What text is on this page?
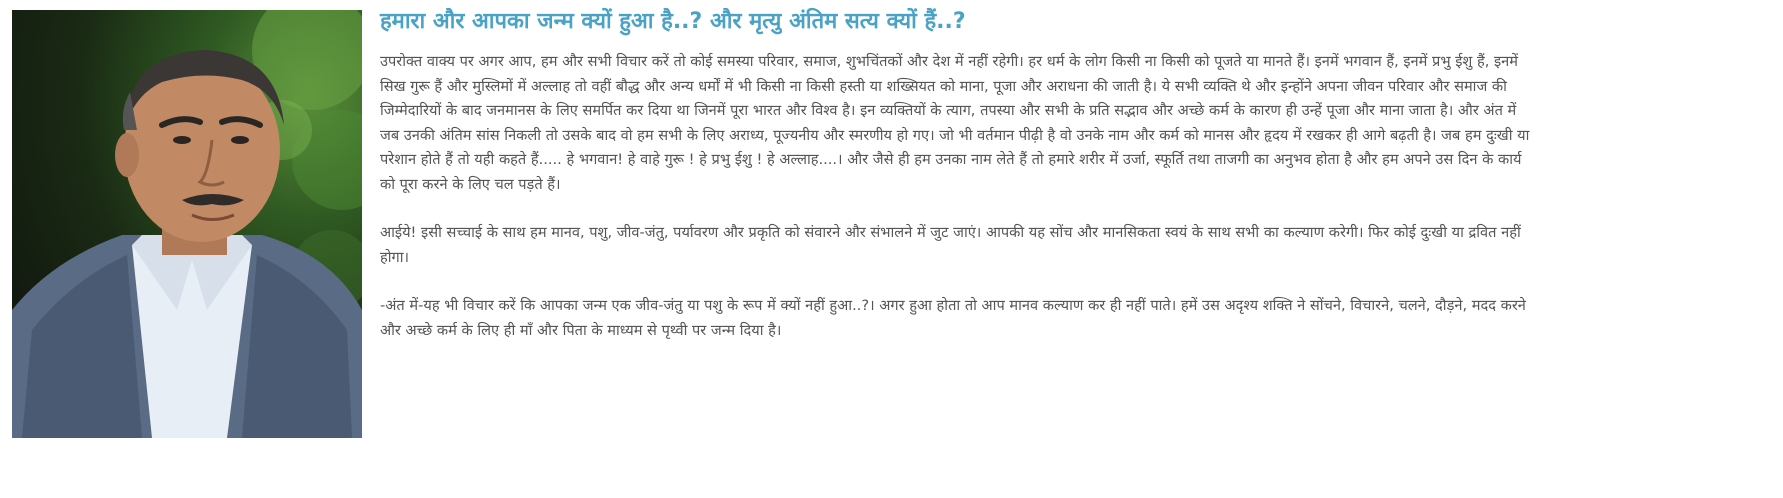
हमारा और आपका जन्म क्यों हुआ है..? और मृत्यु अंतिम सत्य क्यों हैं..?

उपरोक्त वाक्य पर अगर आप, हम और सभी विचार करें तो कोई समस्या परिवार, समाज, शुभचिंतकों और देश में नहीं रहेगी। हर धर्म के लोग किसी ना किसी को पूजते या मानते हैं। इनमें भगवान हैं, इनमें प्रभु ईशु हैं, इनमें सिख गुरू हैं और मुस्लिमों में अल्लाह तो वहीं बौद्ध और अन्य धर्मों में भी किसी ना किसी हस्ती या शख्सियत को माना, पूजा और अराधना की जाती है। ये सभी व्यक्ति थे और इन्होंने अपना जीवन परिवार और समाज की जिम्मेदारियों के बाद जनमानस के लिए समर्पित कर दिया था जिनमें पूरा भारत और विश्व है। इन व्यक्तियों के त्याग, तपस्या और सभी के प्रति सद्भाव और अच्छे कर्म के कारण ही उन्हें पूजा और माना जाता है। और अंत में जब उनकी अंतिम सांस निकली तो उसके बाद वो हम सभी के लिए अराध्य, पूज्यनीय और स्मरणीय हो गए। जो भी वर्तमान पीढ़ी है वो उनके नाम और कर्म को मानस और हृदय में रखकर ही आगे बढ़ती है। जब हम दुःखी या परेशान होते हैं तो यही कहते हैं..... हे भगवान! हे वाहे गुरू ! हे प्रभु ईशु ! हे अल्लाह....। और जैसे ही हम उनका नाम लेते हैं तो हमारे शरीर में उर्जा, स्फूर्ति तथा ताजगी का अनुभव होता है और हम अपने उस दिन के कार्य को पूरा करने के लिए चल पड़ते हैं।

आईये! इसी सच्चाई के साथ हम मानव, पशु, जीव-जंतु, पर्यावरण और प्रकृति को संवारने और संभालने में जुट जाएं। आपकी यह सोंच और मानसिकता स्वयं के साथ सभी का कल्याण करेगी। फिर कोई दुःखी या द्रवित नहीं होगा।

-अंत में-यह भी विचार करें कि आपका जन्म एक जीव-जंतु या पशु के रूप में क्यों नहीं हुआ..?। अगर हुआ होता तो आप मानव कल्याण कर ही नहीं पाते। हमें उस अदृश्य शक्ति ने सोंचने, विचारने, चलने, दौड़ने, मदद करने और अच्छे कर्म के लिए ही माँ और पिता के माध्यम से पृथ्वी पर जन्म दिया है।
